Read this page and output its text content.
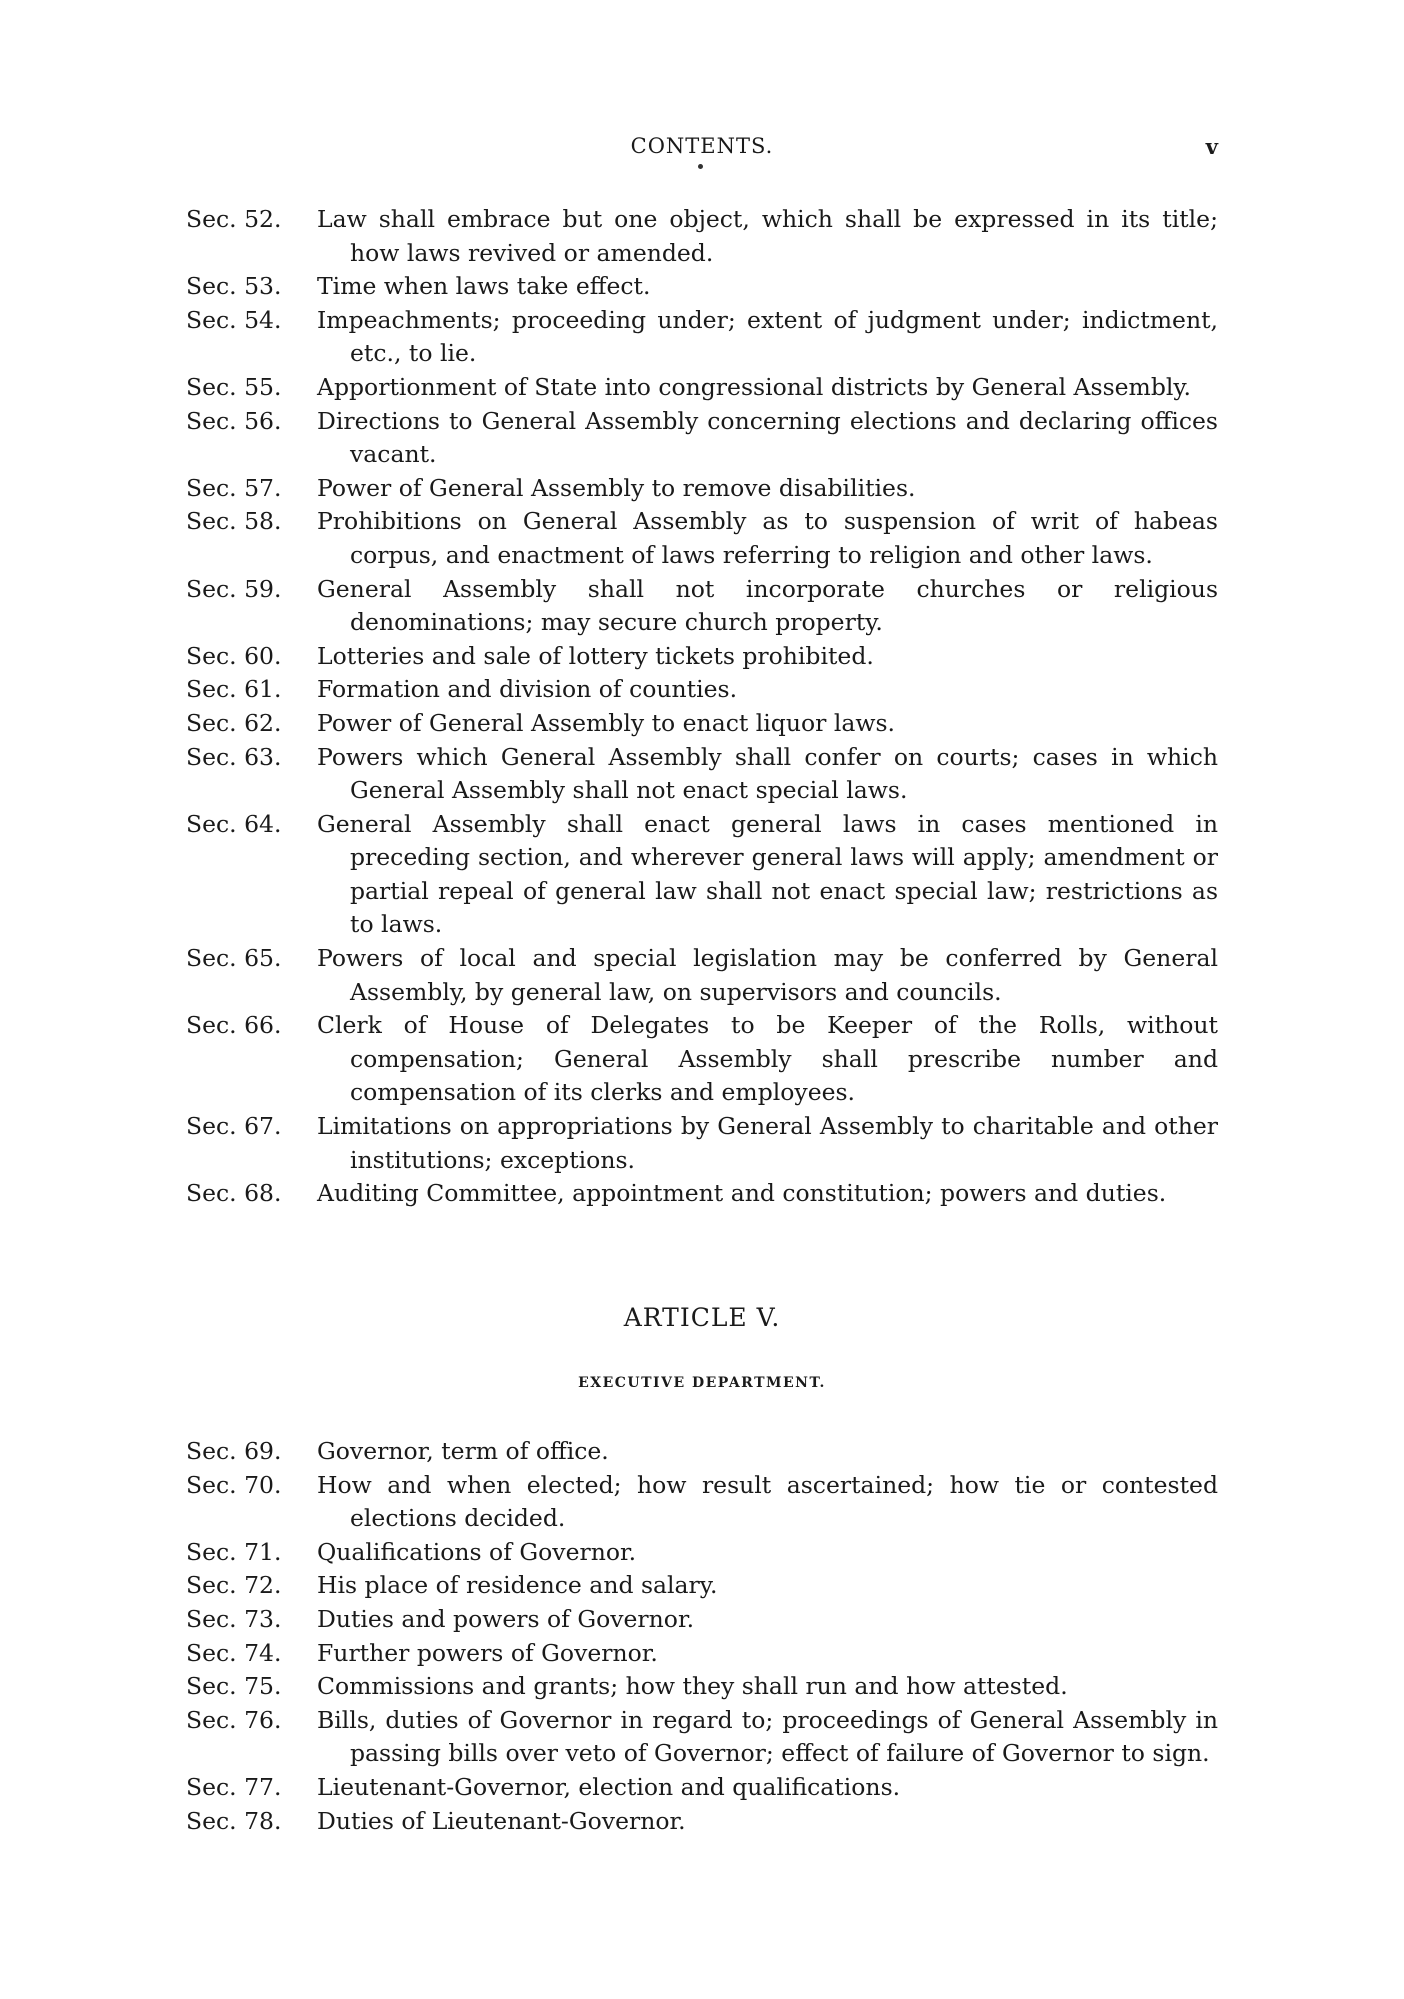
CONTENTS.	v
Sec. 52.	Law shall embrace but one object, which shall be expressed in its title; how laws revived or amended.
Sec. 53.	Time when laws take effect.
Sec. 54.	Impeachments; proceeding under; extent of judgment under; indictment, etc., to lie.
Sec. 55.	Apportionment of State into congressional districts by General Assembly.
Sec. 56.	Directions to General Assembly concerning elections and declaring offices vacant.
Sec. 57.	Power of General Assembly to remove disabilities.
Sec. 58.	Prohibitions on General Assembly as to suspension of writ of habeas corpus, and enactment of laws referring to religion and other laws.
Sec. 59.	General Assembly shall not incorporate churches or religious denominations; may secure church property.
Sec. 60.	Lotteries and sale of lottery tickets prohibited.
Sec. 61.	Formation and division of counties.
Sec. 62.	Power of General Assembly to enact liquor laws.
Sec. 63.	Powers which General Assembly shall confer on courts; cases in which General Assembly shall not enact special laws.
Sec. 64.	General Assembly shall enact general laws in cases mentioned in preceding section, and wherever general laws will apply; amendment or partial repeal of general law shall not enact special law; restrictions as to laws.
Sec. 65.	Powers of local and special legislation may be conferred by General Assembly, by general law, on supervisors and councils.
Sec. 66.	Clerk of House of Delegates to be Keeper of the Rolls, without compensation; General Assembly shall prescribe number and compensation of its clerks and employees.
Sec. 67.	Limitations on appropriations by General Assembly to charitable and other institutions; exceptions.
Sec. 68.	Auditing Committee, appointment and constitution; powers and duties.
ARTICLE V.
EXECUTIVE DEPARTMENT.
Sec. 69.	Governor, term of office.
Sec. 70.	How and when elected; how result ascertained; how tie or contested elections decided.
Sec. 71.	Qualifications of Governor.
Sec. 72.	His place of residence and salary.
Sec. 73.	Duties and powers of Governor.
Sec. 74.	Further powers of Governor.
Sec. 75.	Commissions and grants; how they shall run and how attested.
Sec. 76.	Bills, duties of Governor in regard to; proceedings of General Assembly in passing bills over veto of Governor; effect of failure of Governor to sign.
Sec. 77.	Lieutenant-Governor, election and qualifications.
Sec. 78.	Duties of Lieutenant-Governor.
